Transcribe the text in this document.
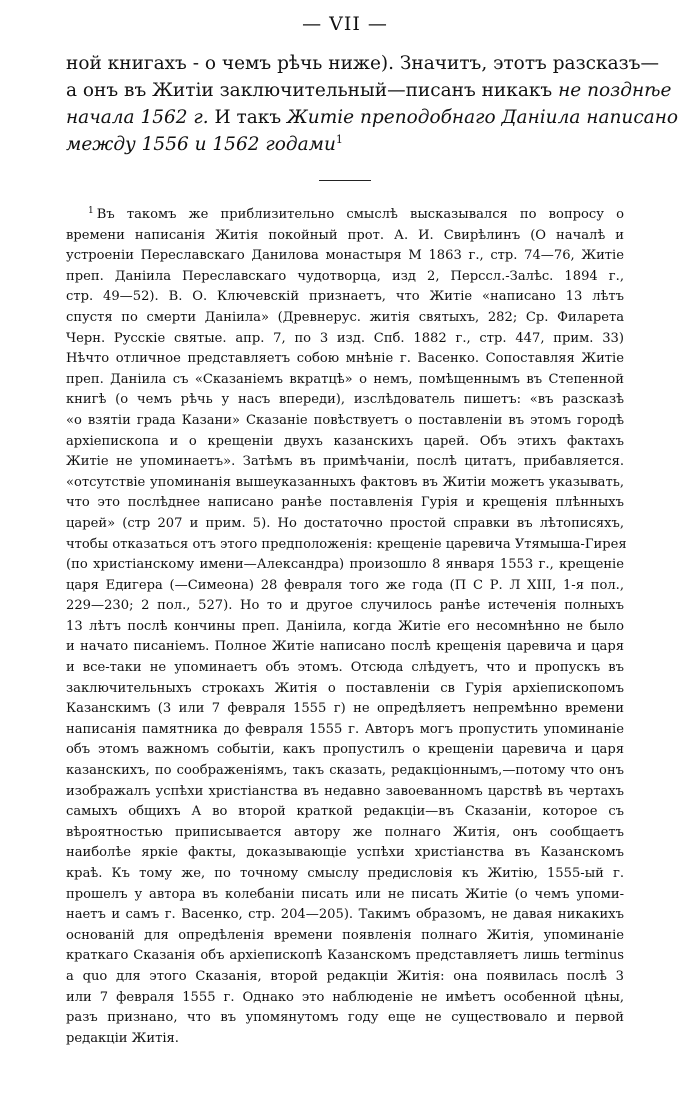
— VII —
ной книгахъ - о чемъ рѣчь ниже). Значитъ, этотъ разсказъ—
а онъ въ Житіи заключительный—писанъ никакъ не позднѣе
начала 1562 г. И такъ Житіе преподобнаго Даніила написано
между 1556 и 1562 годами$^1$
$^1$ Въ такомъ же приблизительно смыслѣ высказывался по вопросу о
времени написанія Житія покойный прот. А. И. Свирѣлинъ (О началѣ и
устроеніи Переславскаго Даниловa монастыря М 1863 г., стр. 74—76, Житіе
преп. Даніила Переславскаго чудотворца, изд 2, Перссл.-Залѣс. 1894 г.,
стр. 49—52). В. О. Ключевскій признаетъ, что Житіе «написано 13 лѣтъ
спустя по смерти Даніила» (Древнерус. житія святыхъ, 282; Ср. Филарета
Черн. Русскіе святые. апр. 7, по 3 изд. Спб. 1882 г., стр. 447, прим. 33)
Нѣчто отличное представляетъ собою мнѣніе г. Васенко. Сопоставляя Житіе
преп. Даніила съ «Сказаніемъ вкратцѣ» о немъ, помѣщеннымъ въ Степенной
книгѣ (о чемъ рѣчь у насъ впереди), изслѣдователь пишетъ: «въ разсказѣ
«о взятіи града Казани» Сказаніе повѣствуетъ о поставленіи въ этомъ городѣ
архіепископа и о крещеніи двухъ казанскихъ царей. Объ этихъ фактахъ
Житіе не упоминаетъ». Затѣмъ въ примѣчаніи, послѣ цитатъ, прибавляется.
«отсутствіе упоминанія вышеуказанныхъ фактовъ въ Житіи можетъ указывать,
что это послѣднее написано ранѣе поставленія Гурія и крещенія плѣнныхъ
царей» (стр 207 и прим. 5). Но достаточно простой справки въ лѣтописяхъ,
чтобы отказаться отъ этого предположенія: крещеніе царевича Утямыша-Гирея
(по христіанскому имени—Александра) произошло 8 января 1553 г., крещеніе
царя Едигера (—Симеона) 28 февраля того же года (П С Р. Л XIII, 1-я пол.,
229—230; 2 пол., 527). Но то и другое случилось ранѣе истеченія полныхъ
13 лѣтъ послѣ кончины преп. Даніила, когда Житіе его несомнѣнно не было
и начато писаніемъ. Полное Житіе написано послѣ крещенія царевича и царя
и все-таки не упоминаетъ объ этомъ. Отсюда слѣдуетъ, что и пропускъ въ
заключительныхъ строкахъ Житія о поставленіи св Гурія архіепископомъ
Казанскимъ (3 или 7 февраля 1555 г) не опредѣляетъ непремѣнно времени
написанія памятника до февраля 1555 г. Авторъ могъ пропустить упоминаніе
объ этомъ важномъ событіи, какъ пропустилъ о крещеніи царевича и царя
казанскихъ, по соображеніямъ, такъ сказать, редакціоннымъ,—потому что онъ
изображалъ успѣхи христіанства въ недавно завоеванномъ царствѣ въ чертахъ
самыхъ общихъ А во второй краткой редакціи—въ Сказаніи, которое съ
вѣроятностью приписывается автору же полнаго Житія, онъ сообщаетъ
наиболѣе яркіе факты, доказывающіе успѣхи христіанства въ Казанскомъ
краѣ. Къ тому же, по точному смыслу предисловія къ Житію, 1555-ый г.
прошелъ у автора въ колебаніи писать или не писать Житіе (о чемъ упоми-
наетъ и самъ г. Васенко, стр. 204—205). Такимъ образомъ, не давая никакихъ
основаній для опредѣленія времени появленія полнаго Житія, упоминаніе
краткаго Сказанія объ архіепископѣ Казанскомъ представляетъ лишь terminus
a quo для этого Сказанія, второй редакціи Житія: она появилась послѣ 3
или 7 февраля 1555 г. Однако это наблюденіе не имѣетъ особенной цѣны,
разъ признано, что въ упомянутомъ году еще не существовало и первой
редакціи Житія.
